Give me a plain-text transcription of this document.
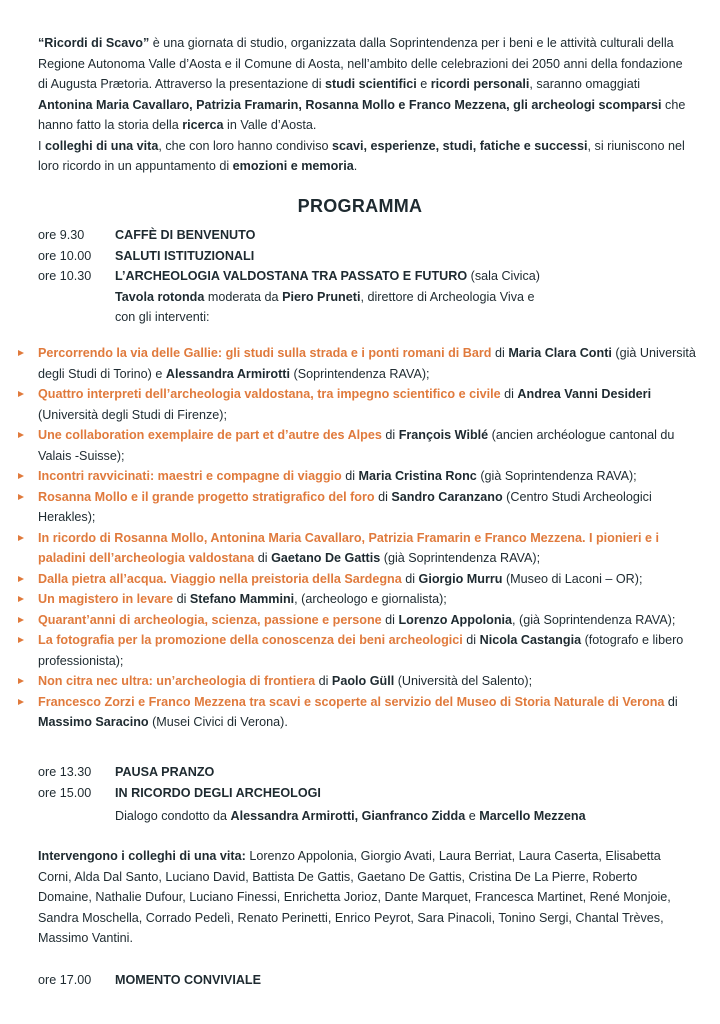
“Ricordi di Scavo” è una giornata di studio, organizzata dalla Soprintendenza per i beni e le attività culturali della Regione Autonoma Valle d’Aosta e il Comune di Aosta, nell’ambito delle celebrazioni dei 2050 anni della fondazione di Augusta Prætoria. Attraverso la presentazione di studi scientifici e ricordi personali, saranno omaggiati Antonina Maria Cavallaro, Patrizia Framarin, Rosanna Mollo e Franco Mezzena, gli archeologi scomparsi che hanno fatto la storia della ricerca in Valle d’Aosta.

I colleghi di una vita, che con loro hanno condiviso scavi, esperienze, studi, fatiche e successi, si riuniscono nel loro ricordo in un appuntamento di emozioni e memoria.

PROGRAMMA
ore 9.30	CAFFÈ DI BENVENUTO
ore 10.00	SALUTI ISTITUZIONALI
ore 10.30	L’ARCHEOLOGIA VALDOSTANA TRA PASSATO E FUTURO (sala Civica)
Tavola rotonda moderata da Piero Pruneti, direttore di Archeologia Viva e
con gli interventi:
Percorrendo la via delle Gallie: gli studi sulla strada e i ponti romani di Bard di Maria Clara Conti (già Università degli Studi di Torino) e Alessandra Armirotti (Soprintendenza RAVA);
Quattro interpreti dell’archeologia valdostana, tra impegno scientifico e civile di Andrea Vanni Desideri (Università degli Studi di Firenze);
Une collaboration exemplaire de part et d’autre des Alpes di François Wiblé (ancien archéologue cantonal du Valais -Suisse);
Incontri ravvicinati: maestri e compagne di viaggio di Maria Cristina Ronc (già Soprintendenza RAVA);
Rosanna Mollo e il grande progetto stratigrafico del foro di Sandro Caranzano (Centro Studi Archeologici Herakles);
In ricordo di Rosanna Mollo, Antonina Maria Cavallaro, Patrizia Framarin e Franco Mezzena. I pionieri e i paladini dell’archeologia valdostana di Gaetano De Gattis (già Soprintendenza RAVA);
Dalla pietra all’acqua. Viaggio nella preistoria della Sardegna di Giorgio Murru (Museo di Laconi – OR);
Un magistero in levare di Stefano Mammini, (archeologo e giornalista);
Quarant’anni di archeologia, scienza, passione e persone di Lorenzo Appolonia, (già Soprintendenza RAVA);
La fotografia per la promozione della conoscenza dei beni archeologici di Nicola Castangia (fotografo e libero professionista);
Non citra nec ultra: un’archeologia di frontiera di Paolo Güll (Università del Salento);
Francesco Zorzi e Franco Mezzena tra scavi e scoperte al servizio del Museo di Storia Naturale di Verona di Massimo Saracino (Musei Civici di Verona).
ore 13.30	PAUSA PRANZO
ore 15.00	IN RICORDO DEGLI ARCHEOLOGI
Dialogo condotto da Alessandra Armirotti, Gianfranco Zidda e Marcello Mezzena
Intervengono i colleghi di una vita: Lorenzo Appolonia, Giorgio Avati, Laura Berriat, Laura Caserta, Elisabetta Corni, Alda Dal Santo, Luciano David, Battista De Gattis, Gaetano De Gattis, Cristina De La Pierre, Roberto Domaine, Nathalie Dufour, Luciano Finessi, Enrichetta Jorioz, Dante Marquet, Francesca Martinet, René Monjoie, Sandra Moschella, Corrado Pedelì, Renato Perinetti, Enrico Peyrot, Sara Pinacoli, Tonino Sergi, Chantal Trèves, Massimo Vantini.
ore 17.00	MOMENTO CONVIVIALE
